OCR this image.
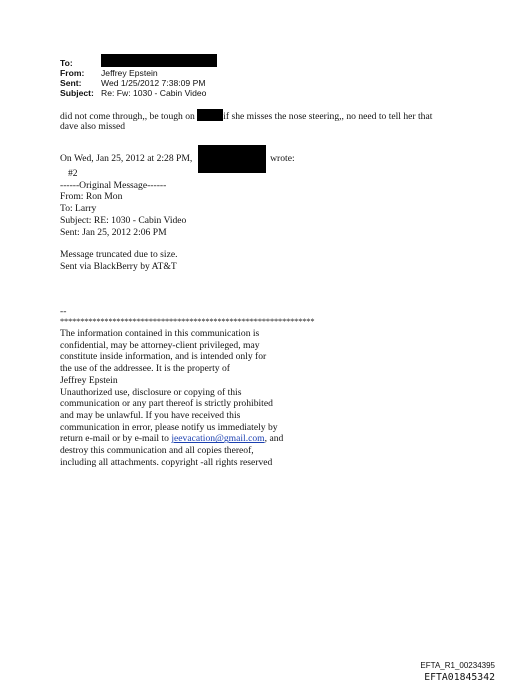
To:
From:	Jeffrey Epstein
Sent:	Wed 1/25/2012 7:38:09 PM
Subject: Re: Fw: 1030 - Cabin Video
did not come through,, be tough on	if she misses the nose steering,, no need to tell her that
dave also missed
On Wed, Jan 25, 2012 at 2:28 PM,	wrote:
#2
------Original Message------
From: Ron Mon
To: Larry
Subject: RE: 1030 - Cabin Video
Sent: Jan 25, 2012 2:06 PM
Message truncated due to size.
Sent via BlackBerry by AT&T
--
***************************************************************
The information contained in this communication is
confidential, may be attorney-client privileged, may
constitute inside information, and is intended only for
the use of the addressee. It is the property of
Jeffrey Epstein
Unauthorized use, disclosure or copying of this
communication or any part thereof is strictly prohibited
and may be unlawful. If you have received this
communication in error, please notify us immediately by
return e-mail or by e-mail to jeevacation@gmail.com, and
destroy this communication and all copies thereof,
including all attachments. copyright -all rights reserved
EFTA_R1_00234395
EFTA01845342
